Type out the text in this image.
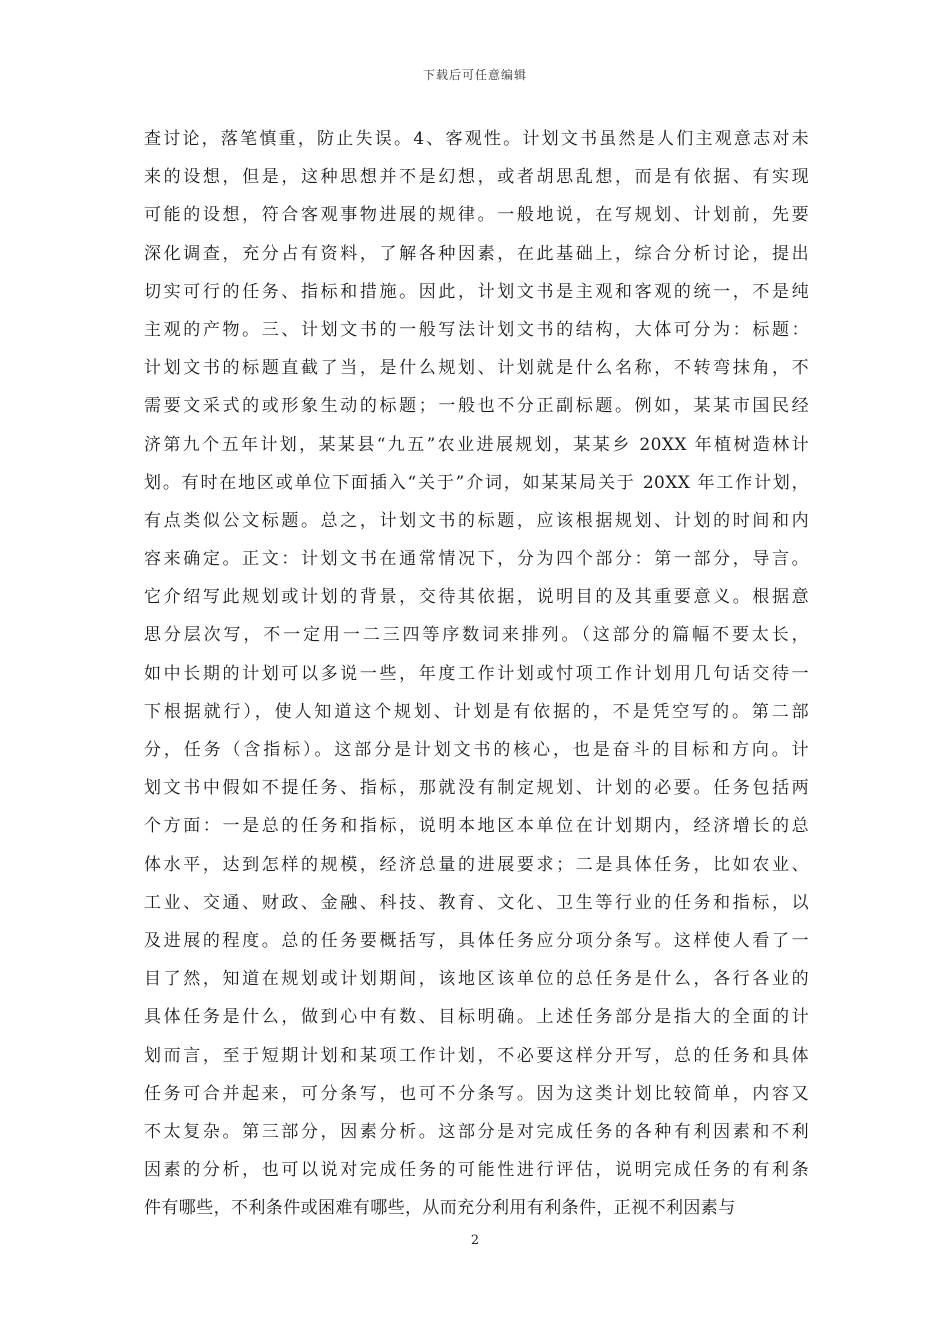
下载后可任意编辑
查讨论，落笔慎重，防止失误。4、客观性。计划文书虽然是人们主观意志对未
来的设想，但是，这种思想并不是幻想，或者胡思乱想，而是有依据、有实现
可能的设想，符合客观事物进展的规律。一般地说，在写规划、计划前，先要
深化调查，充分占有资料，了解各种因素，在此基础上，综合分析讨论，提出
切实可行的任务、指标和措施。因此，计划文书是主观和客观的统一，不是纯
主观的产物。三、计划文书的一般写法计划文书的结构，大体可分为：标题：
计划文书的标题直截了当，是什么规划、计划就是什么名称，不转弯抹角，不
需要文采式的或形象生动的标题；一般也不分正副标题。例如，某某市国民经
济第九个五年计划，某某县“九五”农业进展规划，某某乡 20XX 年植树造林计
划。有时在地区或单位下面插入“关于”介词，如某某局关于 20XX 年工作计划，
有点类似公文标题。总之，计划文书的标题，应该根据规划、计划的时间和内
容来确定。正文：计划文书在通常情况下，分为四个部分：第一部分，导言。
它介绍写此规划或计划的背景，交待其依据，说明目的及其重要意义。根据意
思分层次写，不一定用一二三四等序数词来排列。（这部分的篇幅不要太长，
如中长期的计划可以多说一些，年度工作计划或忖项工作计划用几句话交待一
下根据就行），使人知道这个规划、计划是有依据的，不是凭空写的。第二部
分，任务（含指标）。这部分是计划文书的核心，也是奋斗的目标和方向。计
划文书中假如不提任务、指标，那就没有制定规划、计划的必要。任务包括两
个方面：一是总的任务和指标，说明本地区本单位在计划期内，经济增长的总
体水平，达到怎样的规模，经济总量的进展要求；二是具体任务，比如农业、
工业、交通、财政、金融、科技、教育、文化、卫生等行业的任务和指标，以
及进展的程度。总的任务要概括写，具体任务应分项分条写。这样使人看了一
目了然，知道在规划或计划期间，该地区该单位的总任务是什么，各行各业的
具体任务是什么，做到心中有数、目标明确。上述任务部分是指大的全面的计
划而言，至于短期计划和某项工作计划，不必要这样分开写，总的任务和具体
任务可合并起来，可分条写，也可不分条写。因为这类计划比较简单，内容又
不太复杂。第三部分，因素分析。这部分是对完成任务的各种有利因素和不利
因素的分析，也可以说对完成任务的可能性进行评估，说明完成任务的有利条
件有哪些，不利条件或困难有哪些，从而充分利用有利条件，正视不利因素与
2
